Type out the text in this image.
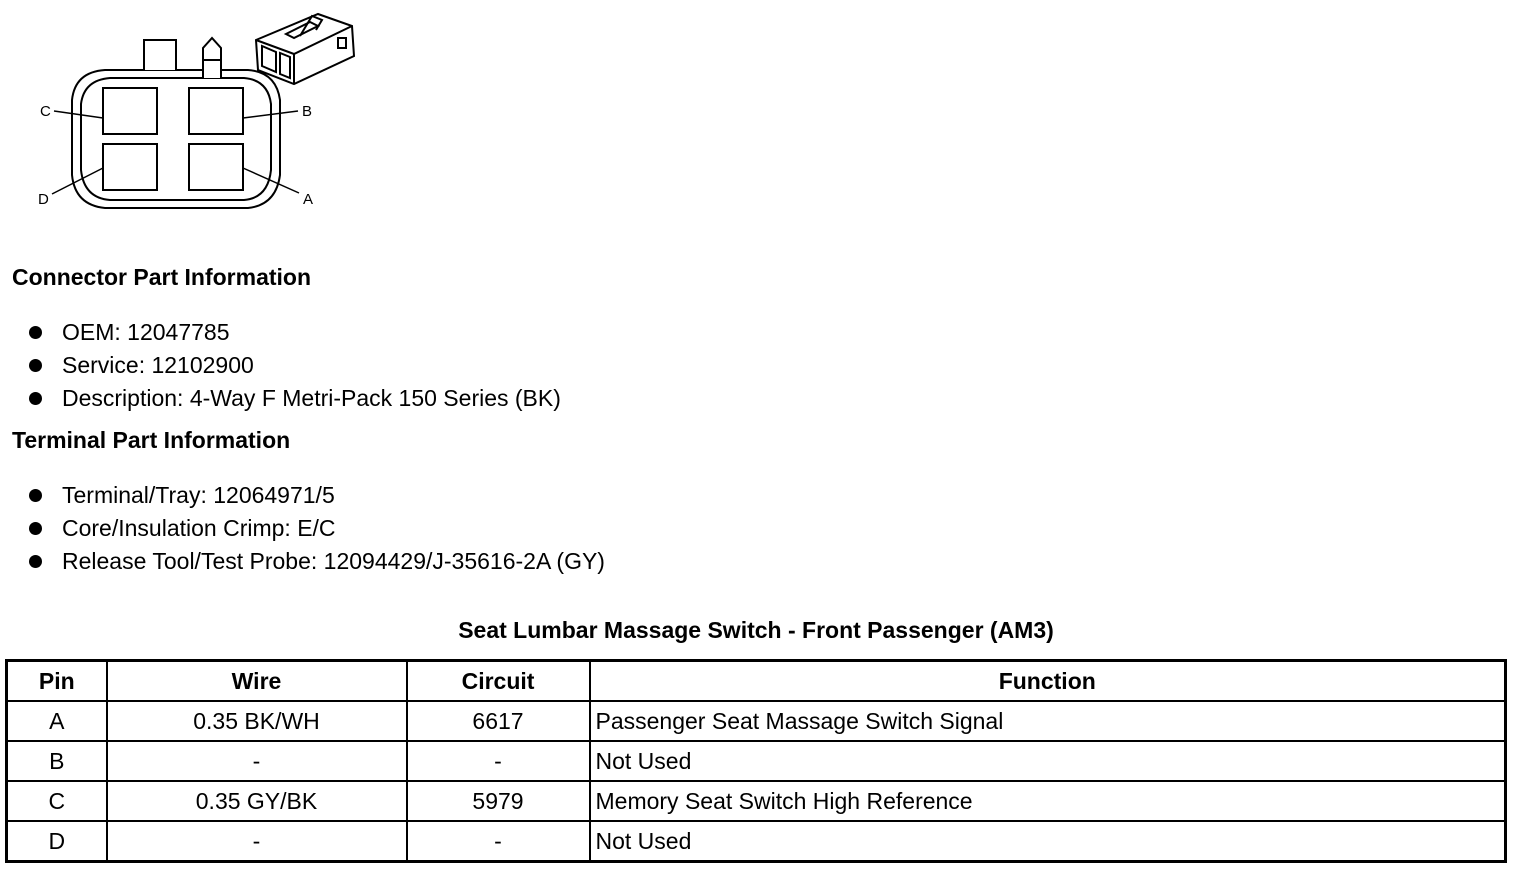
C	B
D	A
Connector Part Information
OEM: 12047785
Service: 12102900
Description: 4-Way F Metri-Pack 150 Series (BK)
Terminal Part Information
Terminal/Tray: 12064971/5
Core/Insulation Crimp: E/C
Release Tool/Test Probe: 12094429/J-35616-2A (GY)
Seat Lumbar Massage Switch - Front Passenger (AM3)
Pin	Wire	Circuit	Function
A	0.35 BK/WH	6617	Passenger Seat Massage Switch Signal
B	-	-	Not Used
C	0.35 GY/BK	5979	Memory Seat Switch High Reference
D	-	-	Not Used
